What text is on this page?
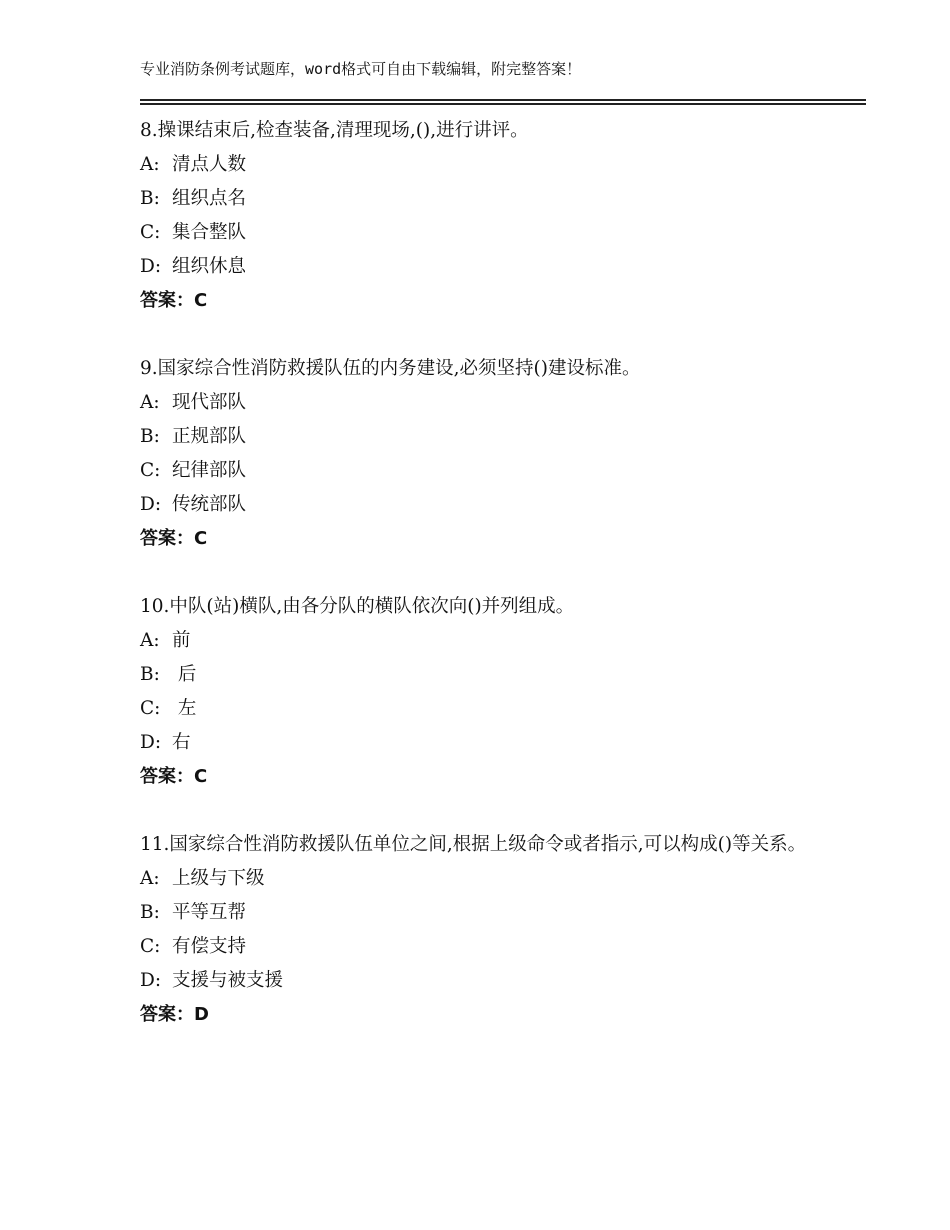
专业消防条例考试题库，word格式可自由下载编辑，附完整答案！
8.操课结束后,检查装备,清理现场,(),进行讲评。
A: 清点人数
B: 组织点名
C: 集合整队
D: 组织休息
答案：C
9.国家综合性消防救援队伍的内务建设,必须坚持()建设标准。
A: 现代部队
B: 正规部队
C: 纪律部队
D: 传统部队
答案：C
10.中队(站)横队,由各分队的横队依次向()并列组成。
A: 前
B: 后
C: 左
D: 右
答案：C
11.国家综合性消防救援队伍单位之间,根据上级命令或者指示,可以构成()等关系。
A: 上级与下级
B: 平等互帮
C: 有偿支持
D: 支援与被支援
答案：D
